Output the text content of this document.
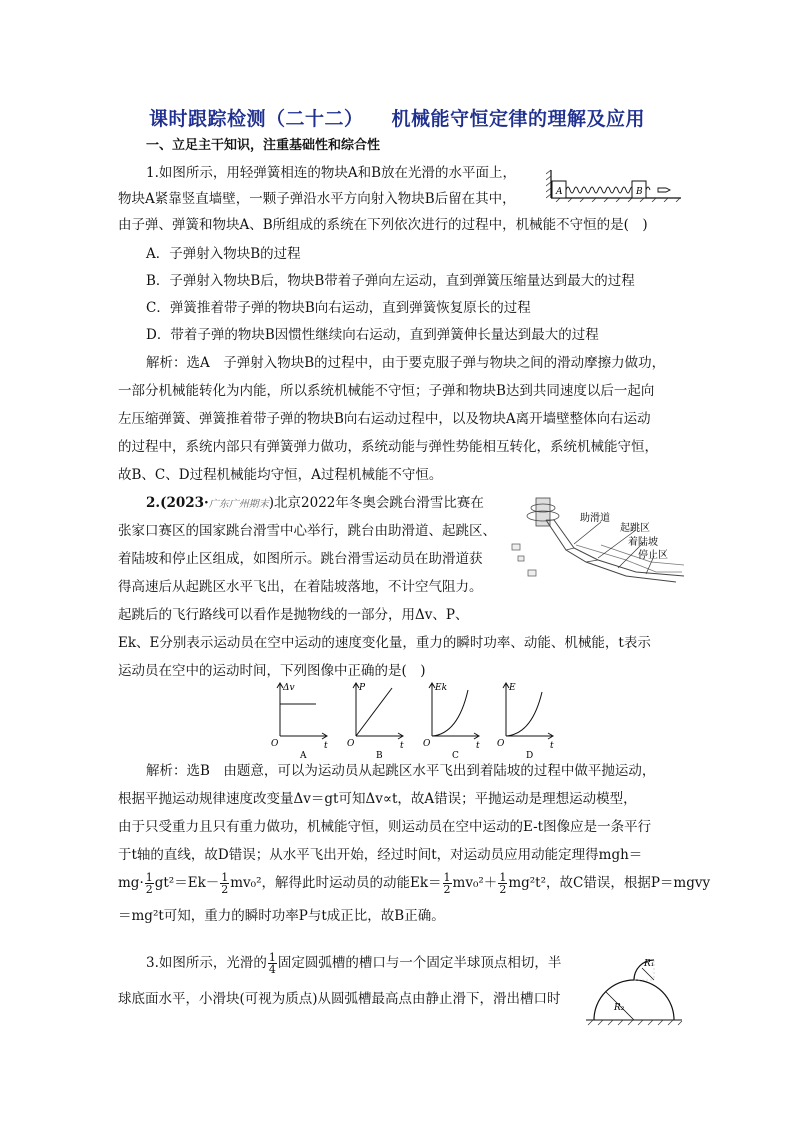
课时跟踪检测（二十二） 机械能守恒定律的理解及应用
一、立足主干知识，注重基础性和综合性
1.如图所示，用轻弹簧相连的物块A和B放在光滑的水平面上，
物块A紧靠竖直墙壁，一颗子弹沿水平方向射入物块B后留在其中，
由子弹、弹簧和物块A、B所组成的系统在下列依次进行的过程中，机械能不守恒的是(　)
A．子弹射入物块B的过程
B．子弹射入物块B后，物块B带着子弹向左运动，直到弹簧压缩量达到最大的过程
C．弹簧推着带子弹的物块B向右运动，直到弹簧恢复原长的过程
D．带着子弹的物块B因惯性继续向右运动，直到弹簧伸长量达到最大的过程
A	B
解析：选A　子弹射入物块B的过程中，由于要克服子弹与物块之间的滑动摩擦力做功，
一部分机械能转化为内能，所以系统机械能不守恒；子弹和物块B达到共同速度以后一起向
左压缩弹簧、弹簧推着带子弹的物块B向右运动过程中，以及物块A离开墙壁整体向右运动
的过程中，系统内部只有弹簧弹力做功，系统动能与弹性势能相互转化，系统机械能守恒，
故B、C、D过程机械能均守恒，A过程机械能不守恒。
2.(2023·广东广州期末)北京2022年冬奥会跳台滑雪比赛在
张家口赛区的国家跳台滑雪中心举行，跳台由助滑道、起跳区、
着陆坡和停止区组成，如图所示。跳台滑雪运动员在助滑道获
得高速后从起跳区水平飞出，在着陆坡落地，不计空气阻力。
起跳后的飞行路线可以看作是抛物线的一部分，用Δv、P、
Ek、E分别表示运动员在空中运动的速度变化量，重力的瞬时功率、动能、机械能，t表示
运动员在空中的运动时间，下列图像中正确的是(　)
助滑道
起跳区
着陆坡
停止区
Δv
t
O
A
P
t
O
B
Ek
t
O
C
E
t
O
D
解析：选B　由题意，可以为运动员从起跳区水平飞出到着陆坡的过程中做平抛运动，
根据平抛运动规律速度改变量Δv＝gt可知Δv∝t，故A错误；平抛运动是理想运动模型，
由于只受重力且只有重力做功，机械能守恒，则运动员在空中运动的E-t图像应是一条平行
于t轴的直线，故D错误；从水平飞出开始，经过时间t，对运动员应用动能定理得mgh＝
$mg\cdot \frac{1}{2} gt^2=Ek- \frac{1}{2} mv_0^2$，解得此时运动员的动能$Ek= \frac{1}{2} mv_0^2+ \frac{1}{2} mg^2t^2$，故C错误，根据P＝mgvy
＝mg²t可知，重力的瞬时功率P与t成正比，故B正确。
3.如图所示，光滑的 $\frac{1}{4}$ 固定圆弧槽的槽口与一个固定半球顶点相切，半
球底面水平，小滑块(可视为质点)从圆弧槽最高点由静止滑下，滑出槽口时
R₁
R₂
